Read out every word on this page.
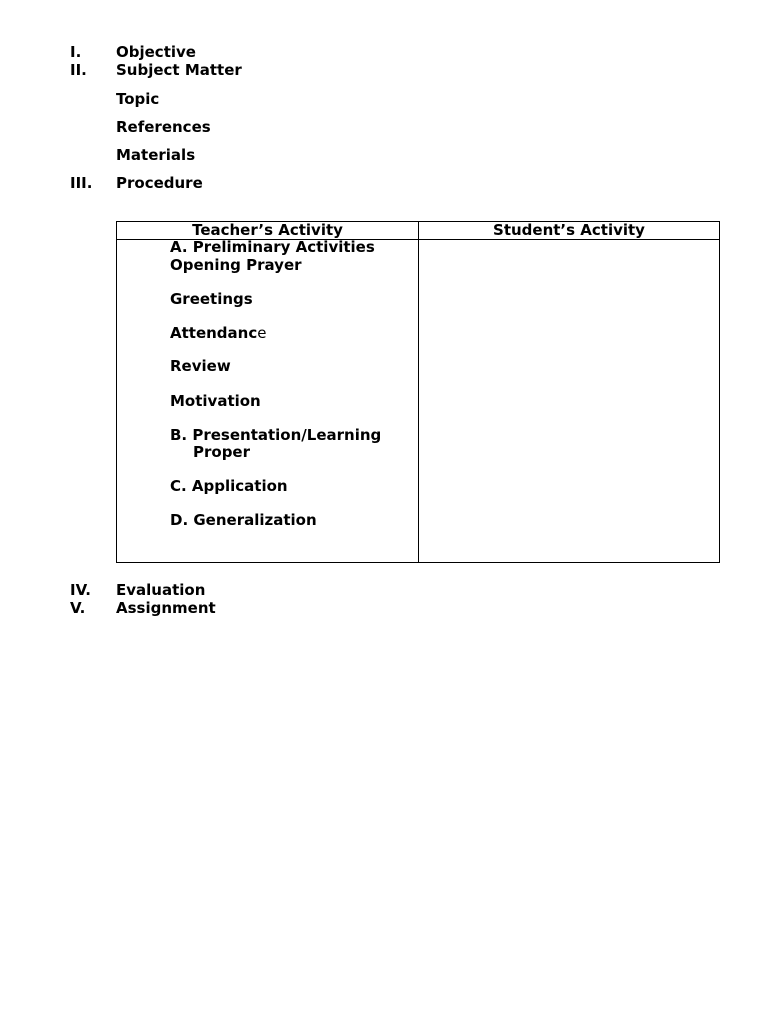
I. Objective
II. Subject Matter
Topic
References
Materials
III. Procedure
Teacher’s Activity	Student’s Activity
A. Preliminary Activities
Opening Prayer
Greetings
Attendance
Review
Motivation
B. Presentation/Learning
Proper
C. Application
D. Generalization
IV. Evaluation
V. Assignment
